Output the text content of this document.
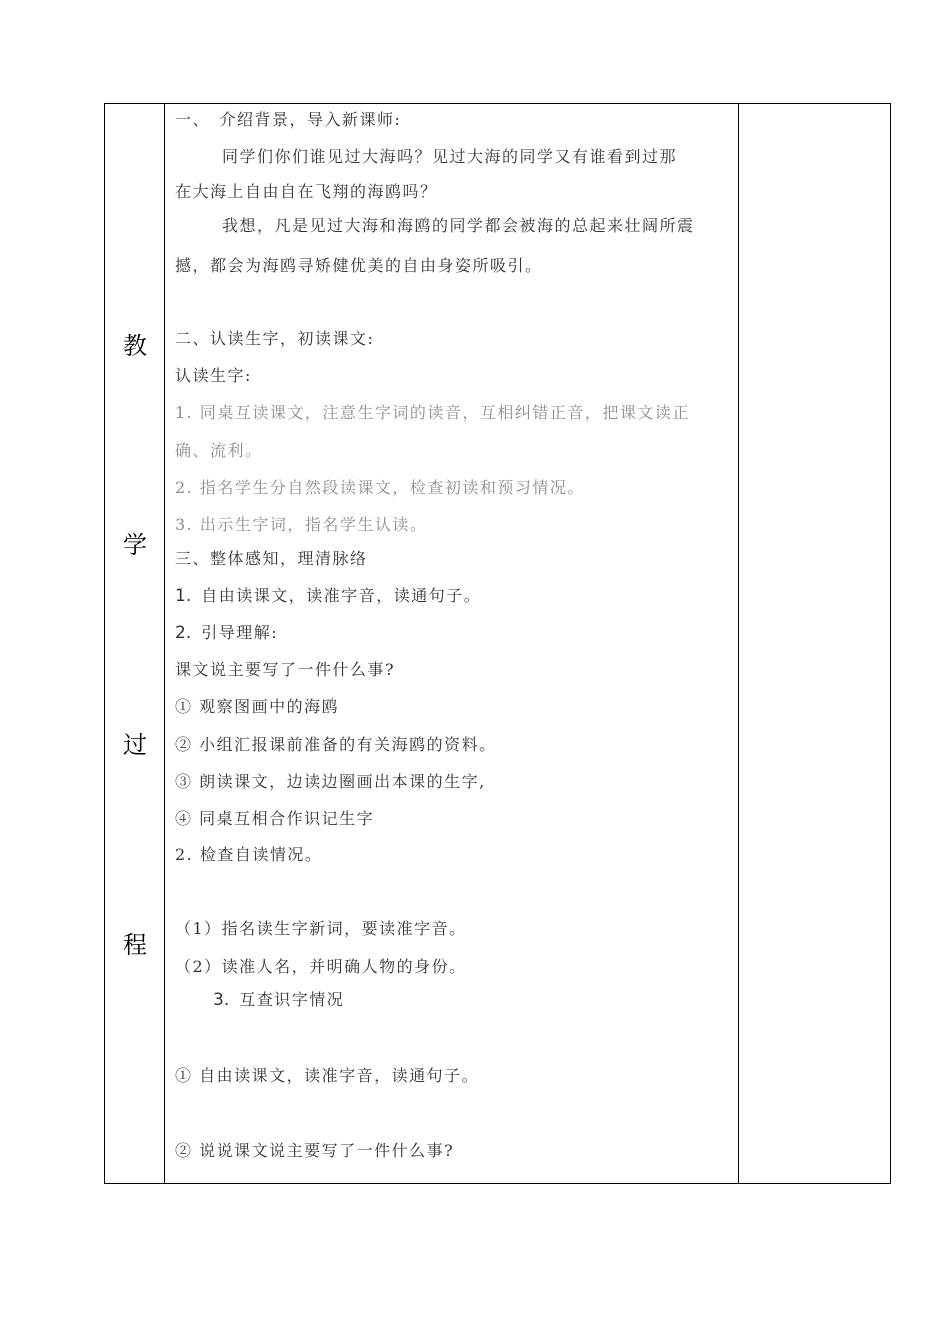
教
学
过
程
一、　介绍背景，导入新课师:
同学们你们谁见过大海吗？见过大海的同学又有谁看到过那
在大海上自由自在飞翔的海鸥吗？
我想，凡是见过大海和海鸥的同学都会被海的总起来壮阔所震
撼，都会为海鸥寻矫健优美的自由身姿所吸引。
二、认读生字，初读课文:
认读生字:
1. 同桌互读课文，注意生字词的读音，互相纠错正音，把课文读正
确、流利。
2. 指名学生分自然段读课文，检查初读和预习情况。
3. 出示生字词，指名学生认读。
三、整体感知，理清脉络
1. 自由读课文，读准字音，读通句子。
2. 引导理解:
课文说主要写了一件什么事?
① 观察图画中的海鸥
② 小组汇报课前准备的有关海鸥的资料。
③ 朗读课文，边读边圈画出本课的生字,
④ 同桌互相合作识记生字
2. 检查自读情况。
（1）指名读生字新词，要读准字音。
（2）读准人名，并明确人物的身份。
3. 互查识字情况
① 自由读课文，读准字音，读通句子。
② 说说课文说主要写了一件什么事?
